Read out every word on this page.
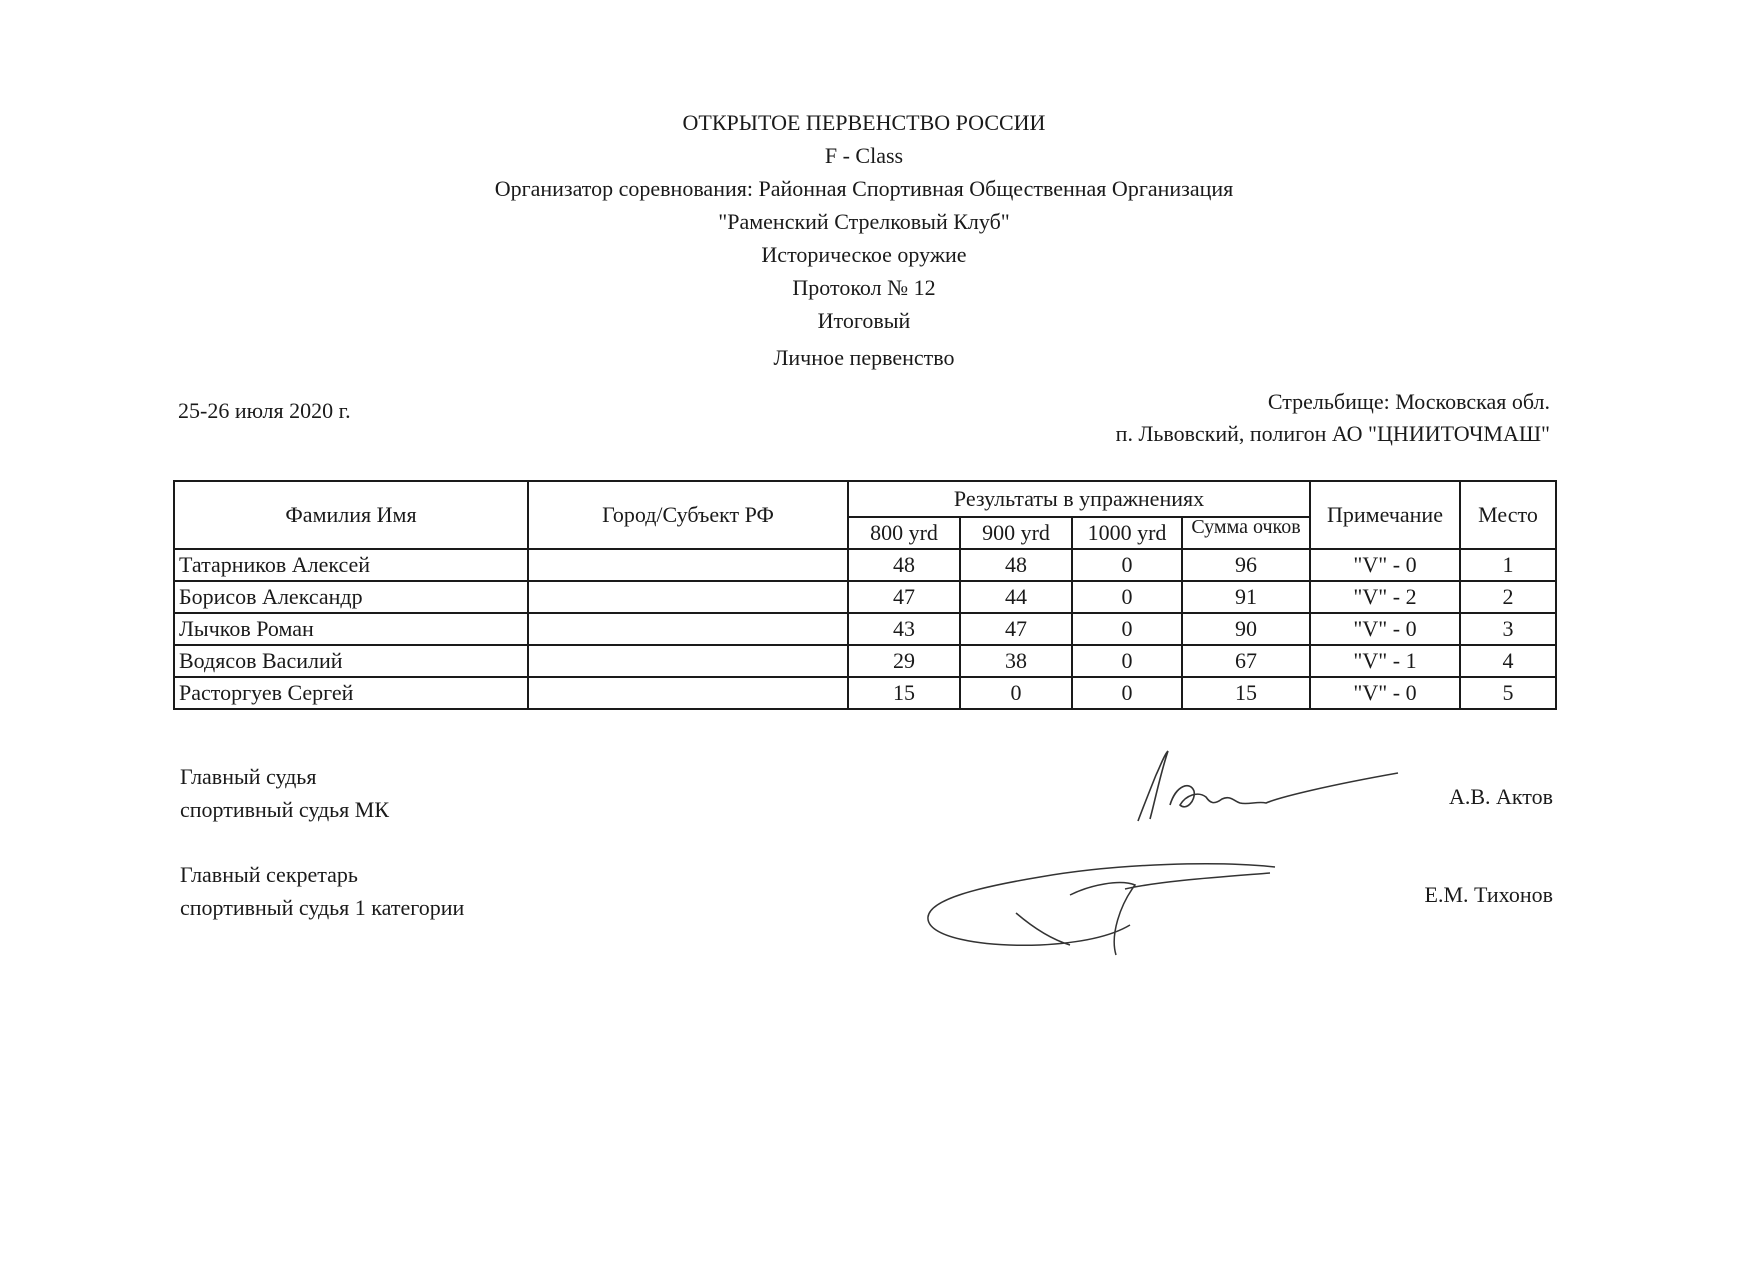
ОТКРЫТОЕ ПЕРВЕНСТВО РОССИИ
F - Class
Организатор соревнования: Районная Спортивная Общественная Организация
"Раменский Стрелковый Клуб"
Историческое оружие
Протокол № 12
Итоговый
Личное первенство
25-26 июля 2020 г.	Стрельбище: Московская обл.
п. Львовский, полигон АО "ЦНИИТОЧМАШ"
Фамилия Имя	Город/Субъект РФ	Результаты в упражнениях				Примечание	Место
		800 yrd	900 yrd	1000 yrd	Сумма очков		
Татарников Алексей		48	48	0	96	"V" - 0	1
Борисов Александр		47	44	0	91	"V" - 2	2
Лычков Роман		43	47	0	90	"V" - 0	3
Водясов Василий		29	38	0	67	"V" - 1	4
Расторгуев Сергей		15	0	0	15	"V" - 0	5
Главный судья
спортивный судья МК
А.В. Актов
Главный секретарь
спортивный судья 1 категории
Е.М. Тихонов
